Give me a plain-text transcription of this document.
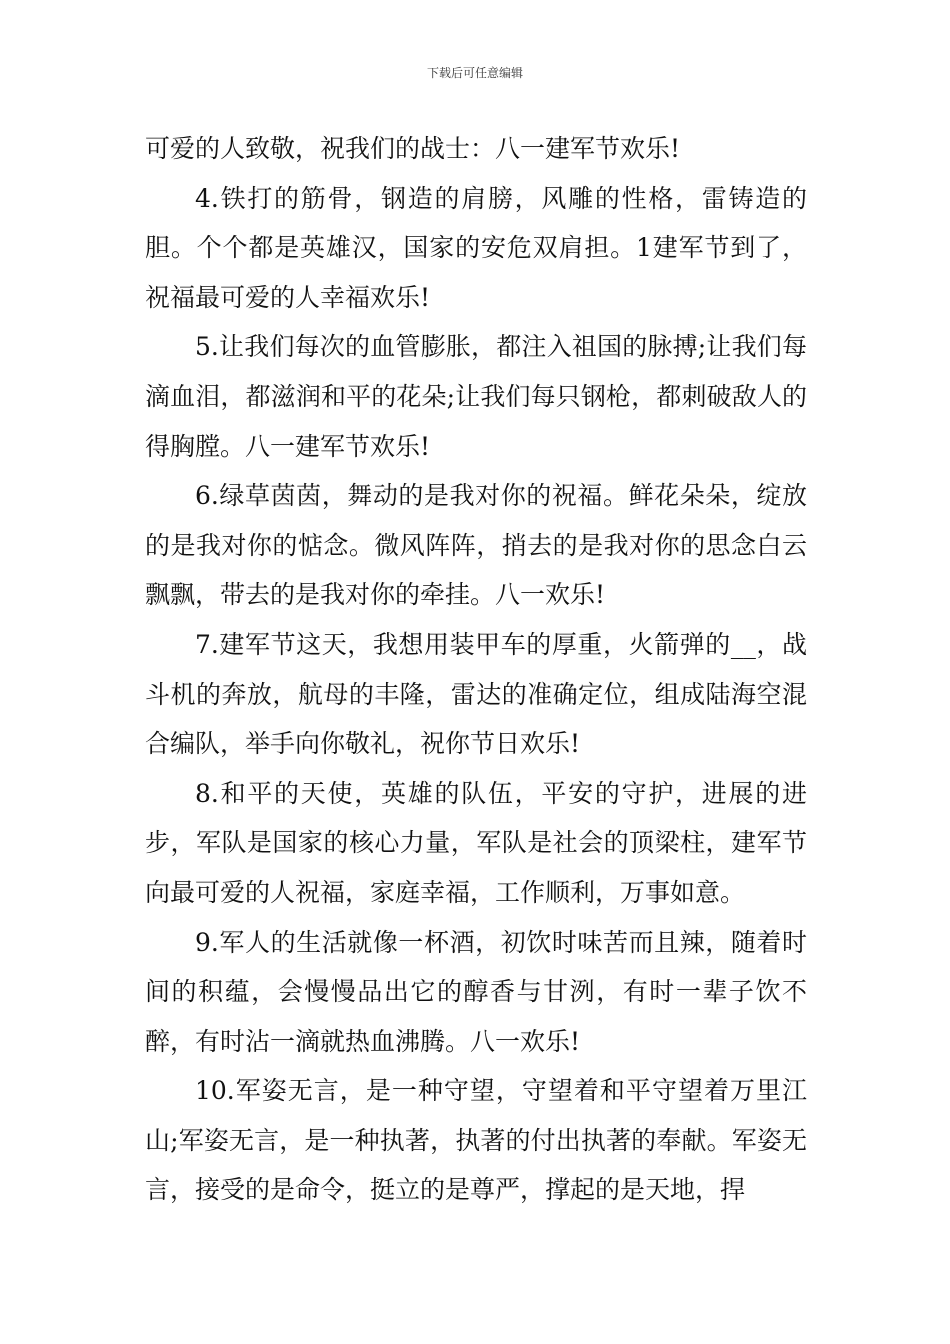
下载后可任意编辑

可爱的人致敬，祝我们的战士：八一建军节欢乐!

4.铁打的筋骨，钢造的肩膀，风雕的性格，雷铸造的胆。个个都是英雄汉，国家的安危双肩担。1建军节到了，祝福最可爱的人幸福欢乐!

5.让我们每次的血管膨胀，都注入祖国的脉搏;让我们每滴血泪，都滋润和平的花朵;让我们每只钢枪，都刺破敌人的得胸膛。八一建军节欢乐!

6.绿草茵茵，舞动的是我对你的祝福。鲜花朵朵，绽放的是我对你的惦念。微风阵阵，捎去的是我对你的思念白云飘飘，带去的是我对你的牵挂。八一欢乐!

7.建军节这天，我想用装甲车的厚重，火箭弹的__，战斗机的奔放，航母的丰隆，雷达的准确定位，组成陆海空混合编队，举手向你敬礼，祝你节日欢乐!

8.和平的天使，英雄的队伍，平安的守护，进展的进步，军队是国家的核心力量，军队是社会的顶梁柱，建军节向最可爱的人祝福，家庭幸福，工作顺利，万事如意。

9.军人的生活就像一杯酒，初饮时味苦而且辣，随着时间的积蕴，会慢慢品出它的醇香与甘洌，有时一辈子饮不醉，有时沾一滴就热血沸腾。八一欢乐!

10.军姿无言，是一种守望，守望着和平守望着万里江山;军姿无言，是一种执著，执著的付出执著的奉献。军姿无言，接受的是命令，挺立的是尊严，撑起的是天地，捍
